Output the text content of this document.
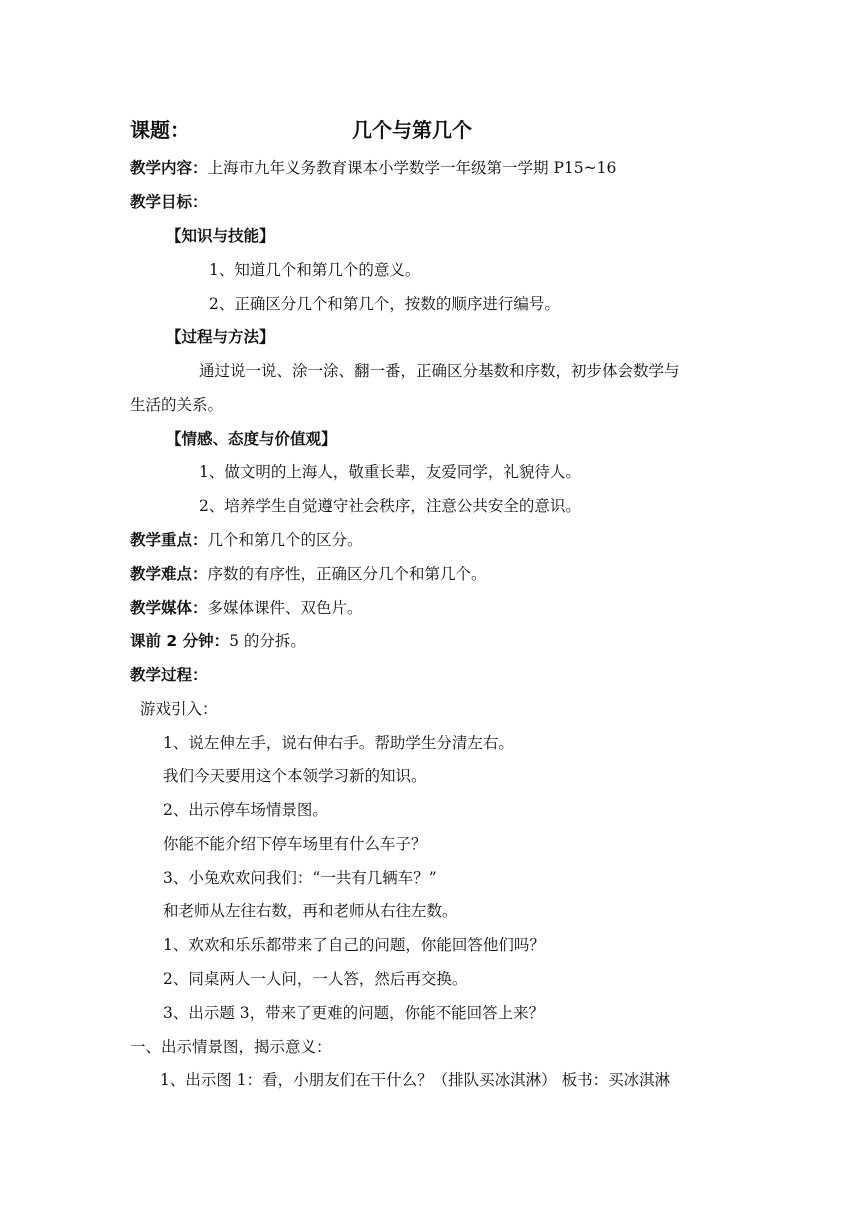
课题：	几个与第几个
教学内容：上海市九年义务教育课本小学数学一年级第一学期 P15~16
教学目标：
【知识与技能】
1、知道几个和第几个的意义。
2、正确区分几个和第几个，按数的顺序进行编号。
【过程与方法】
通过说一说、涂一涂、翻一番，正确区分基数和序数，初步体会数学与
生活的关系。
【情感、态度与价值观】
1、做文明的上海人，敬重长辈，友爱同学，礼貌待人。
2、培养学生自觉遵守社会秩序，注意公共安全的意识。
教学重点：几个和第几个的区分。
教学难点：序数的有序性，正确区分几个和第几个。
教学媒体：多媒体课件、双色片。
课前 2 分钟：5 的分拆。
教学过程：
游戏引入：
1、说左伸左手，说右伸右手。帮助学生分清左右。
我们今天要用这个本领学习新的知识。
2、出示停车场情景图。
你能不能介绍下停车场里有什么车子？
3、小兔欢欢问我们：“一共有几辆车？”
和老师从左往右数，再和老师从右往左数。
1、欢欢和乐乐都带来了自己的问题，你能回答他们吗？
2、同桌两人一人问，一人答，然后再交换。
3、出示题 3，带来了更难的问题，你能不能回答上来？
一、出示情景图，揭示意义：
1、出示图 1：看，小朋友们在干什么？（排队买冰淇淋） 板书：买冰淇淋
